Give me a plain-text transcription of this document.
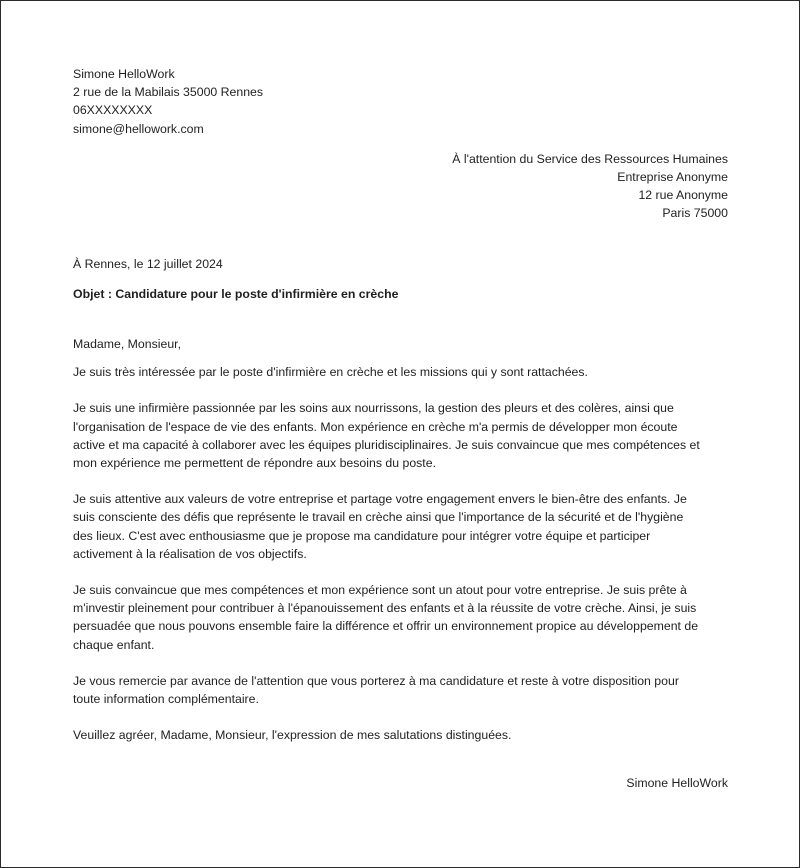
Simone HelloWork
2 rue de la Mabilais 35000 Rennes
06XXXXXXXX
simone@hellowork.com
À l'attention du Service des Ressources Humaines
Entreprise Anonyme
12 rue Anonyme
Paris 75000
À Rennes, le 12 juillet 2024
Objet : Candidature pour le poste d'infirmière en crèche
Madame, Monsieur,
Je suis très intéressée par le poste d'infirmière en crèche et les missions qui y sont rattachées.
Je suis une infirmière passionnée par les soins aux nourrissons, la gestion des pleurs et des colères, ainsi que
l'organisation de l'espace de vie des enfants. Mon expérience en crèche m'a permis de développer mon écoute
active et ma capacité à collaborer avec les équipes pluridisciplinaires. Je suis convaincue que mes compétences et
mon expérience me permettent de répondre aux besoins du poste.
Je suis attentive aux valeurs de votre entreprise et partage votre engagement envers le bien-être des enfants. Je
suis consciente des défis que représente le travail en crèche ainsi que l'importance de la sécurité et de l'hygiène
des lieux. C'est avec enthousiasme que je propose ma candidature pour intégrer votre équipe et participer
activement à la réalisation de vos objectifs.
Je suis convaincue que mes compétences et mon expérience sont un atout pour votre entreprise. Je suis prête à
m'investir pleinement pour contribuer à l'épanouissement des enfants et à la réussite de votre crèche. Ainsi, je suis
persuadée que nous pouvons ensemble faire la différence et offrir un environnement propice au développement de
chaque enfant.
Je vous remercie par avance de l'attention que vous porterez à ma candidature et reste à votre disposition pour
toute information complémentaire.
Veuillez agréer, Madame, Monsieur, l'expression de mes salutations distinguées.
Simone HelloWork
